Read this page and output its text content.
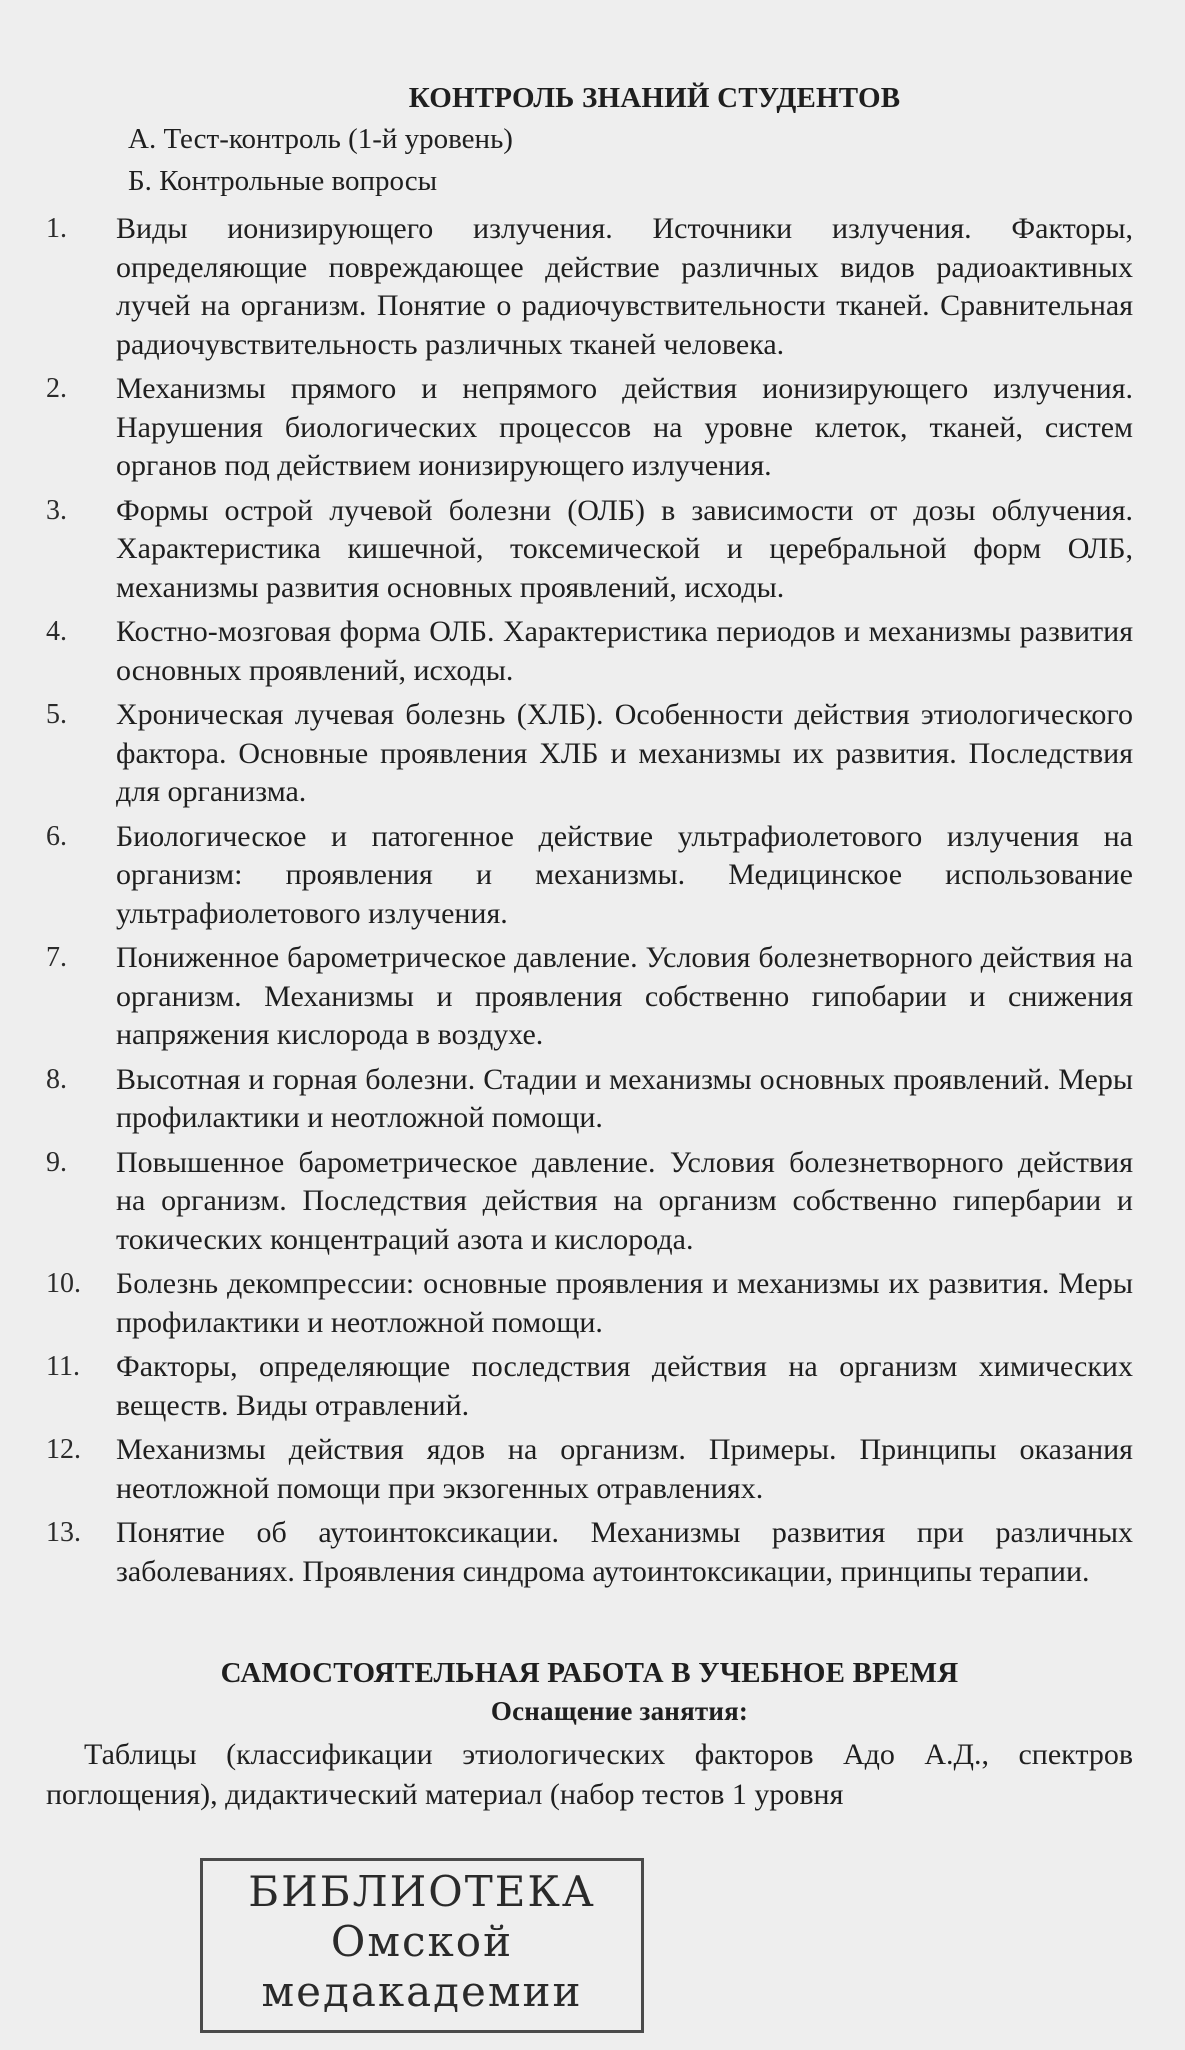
КОНТРОЛЬ ЗНАНИЙ СТУДЕНТОВ

А. Тест-контроль (1-й уровень)

Б. Контрольные вопросы

1.	Виды ионизирующего излучения. Источники излучения. Факторы, определяющие повреждающее действие различных видов радиоактивных лучей на организм. Понятие о радиочувствительности тканей. Сравнительная радиочувствительность различных тканей человека.
2.	Механизмы прямого и непрямого действия ионизирующего излучения. Нарушения биологических процессов на уровне клеток, тканей, систем органов под действием ионизирующего излучения.
3.	Формы острой лучевой болезни (ОЛБ) в зависимости от дозы облучения. Характеристика кишечной, токсемической и церебральной форм ОЛБ, механизмы развития основных проявлений, исходы.
4.	Костно-мозговая форма ОЛБ. Характеристика периодов и механизмы развития основных проявлений, исходы.
5.	Хроническая лучевая болезнь (ХЛБ). Особенности действия этиологического фактора. Основные проявления ХЛБ и механизмы их развития. Последствия для организма.
6.	Биологическое и патогенное действие ультрафиолетового излучения на организм: проявления и механизмы. Медицинское использование ультрафиолетового излучения.
7.	Пониженное барометрическое давление. Условия болезнетворного действия на организм. Механизмы и проявления собственно гипобарии и снижения напряжения кислорода в воздухе.
8.	Высотная и горная болезни. Стадии и механизмы основных проявлений. Меры профилактики и неотложной помощи.
9.	Повышенное барометрическое давление. Условия болезнетворного действия на организм. Последствия действия на организм собственно гипербарии и токических концентраций азота и кислорода.
10.	Болезнь декомпрессии: основные проявления и механизмы их развития. Меры профилактики и неотложной помощи.
11.	Факторы, определяющие последствия действия на организм химических веществ. Виды отравлений.
12.	Механизмы действия ядов на организм. Примеры. Принципы оказания неотложной помощи при экзогенных отравлениях.
13.	Понятие об аутоинтоксикации. Механизмы развития при различных заболеваниях. Проявления синдрома аутоинтоксикации, принципы терапии.
САМОСТОЯТЕЛЬНАЯ РАБОТА В УЧЕБНОЕ ВРЕМЯ
Оснащение занятия:

Таблицы (классификации этиологических факторов Адо А.Д., спектров поглощения), дидактический материал (набор тестов 1 уровня

БИБЛИОТЕКА
Омской
медакадемии
